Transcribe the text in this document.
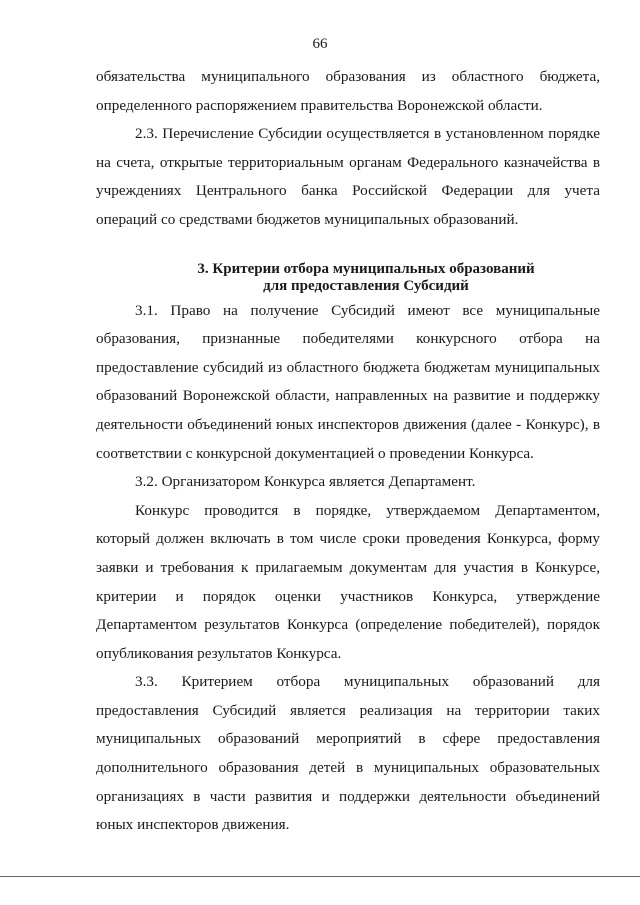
66

обязательства муниципального образования из областного бюджета, определенного распоряжением правительства Воронежской области.

2.3. Перечисление Субсидии осуществляется в установленном порядке на счета, открытые территориальным органам Федерального казначейства в учреждениях Центрального банка Российской Федерации для учета операций со средствами бюджетов муниципальных образований.

3. Критерии отбора муниципальных образований
для предоставления Субсидий

3.1. Право на получение Субсидий имеют все муниципальные образования, признанные победителями конкурсного отбора на предоставление субсидий из областного бюджета бюджетам муниципальных образований Воронежской области, направленных на развитие и поддержку деятельности объединений юных инспекторов движения (далее - Конкурс), в соответствии с конкурсной документацией о проведении Конкурса.

3.2. Организатором Конкурса является Департамент.

Конкурс проводится в порядке, утверждаемом Департаментом, который должен включать в том числе сроки проведения Конкурса, форму заявки и требования к прилагаемым документам для участия в Конкурсе, критерии и порядок оценки участников Конкурса, утверждение Департаментом результатов Конкурса (определение победителей), порядок опубликования результатов Конкурса.

3.3. Критерием отбора муниципальных образований для предоставления Субсидий является реализация на территории таких муниципальных образований мероприятий в сфере предоставления дополнительного образования детей в муниципальных образовательных организациях в части развития и поддержки деятельности объединений юных инспекторов движения.
